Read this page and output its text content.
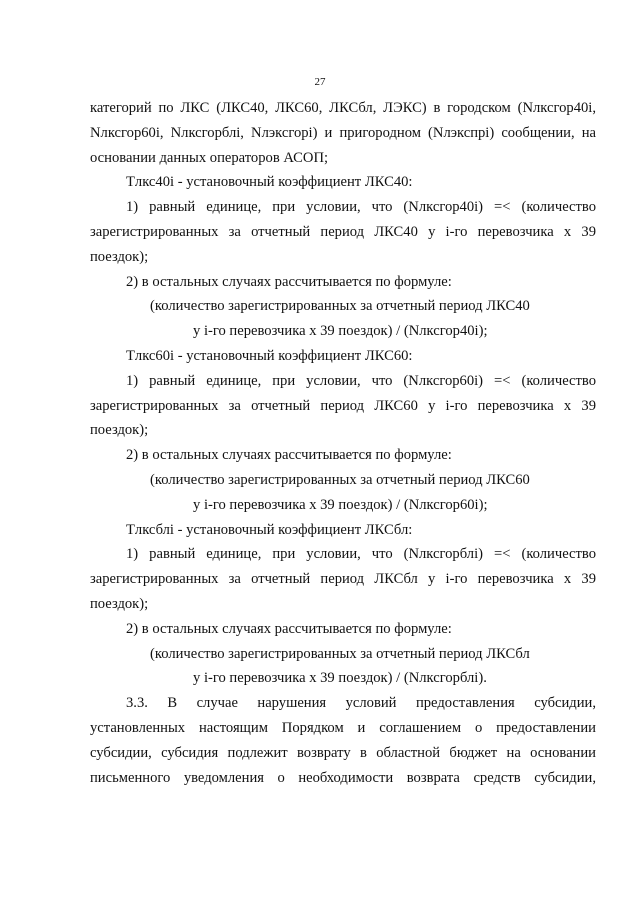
27
категорий по ЛКС (ЛКС40, ЛКС60, ЛКСбл, ЛЭКС) в городском (Nлксгор40i,
Nлксгор60i, Nлксгорблi, Nлэксгорi) и пригородном (Nлэкспрi) сообщении, на
основании данных операторов АСОП;

Tлкс40i - установочный коэффициент ЛКС40:

1) равный единице, при условии, что (Nлксгор40i) =< (количество
зарегистрированных за отчетный период ЛКС40 у i-го перевозчика x 39
поездок);

2) в остальных случаях рассчитывается по формуле:

(количество зарегистрированных за отчетный период ЛКС40

у i-го перевозчика x 39 поездок) / (Nлксгор40i);

Tлкс60i - установочный коэффициент ЛКС60:

1) равный единице, при условии, что (Nлксгор60i) =< (количество
зарегистрированных за отчетный период ЛКС60 у i-го перевозчика x 39
поездок);

2) в остальных случаях рассчитывается по формуле:

(количество зарегистрированных за отчетный период ЛКС60

у i-го перевозчика x 39 поездок) / (Nлксгор60i);

Tлксблi - установочный коэффициент ЛКСбл:

1) равный единице, при условии, что (Nлксгорблi) =< (количество
зарегистрированных за отчетный период ЛКСбл у i-го перевозчика x 39
поездок);

2) в остальных случаях рассчитывается по формуле:

(количество зарегистрированных за отчетный период ЛКСбл

у i-го перевозчика x 39 поездок) / (Nлксгорблi).

3.3. В случае нарушения условий предоставления субсидии,
установленных настоящим Порядком и соглашением о предоставлении
субсидии, субсидия подлежит возврату в областной бюджет на основании
письменного уведомления о необходимости возврата средств субсидии,
